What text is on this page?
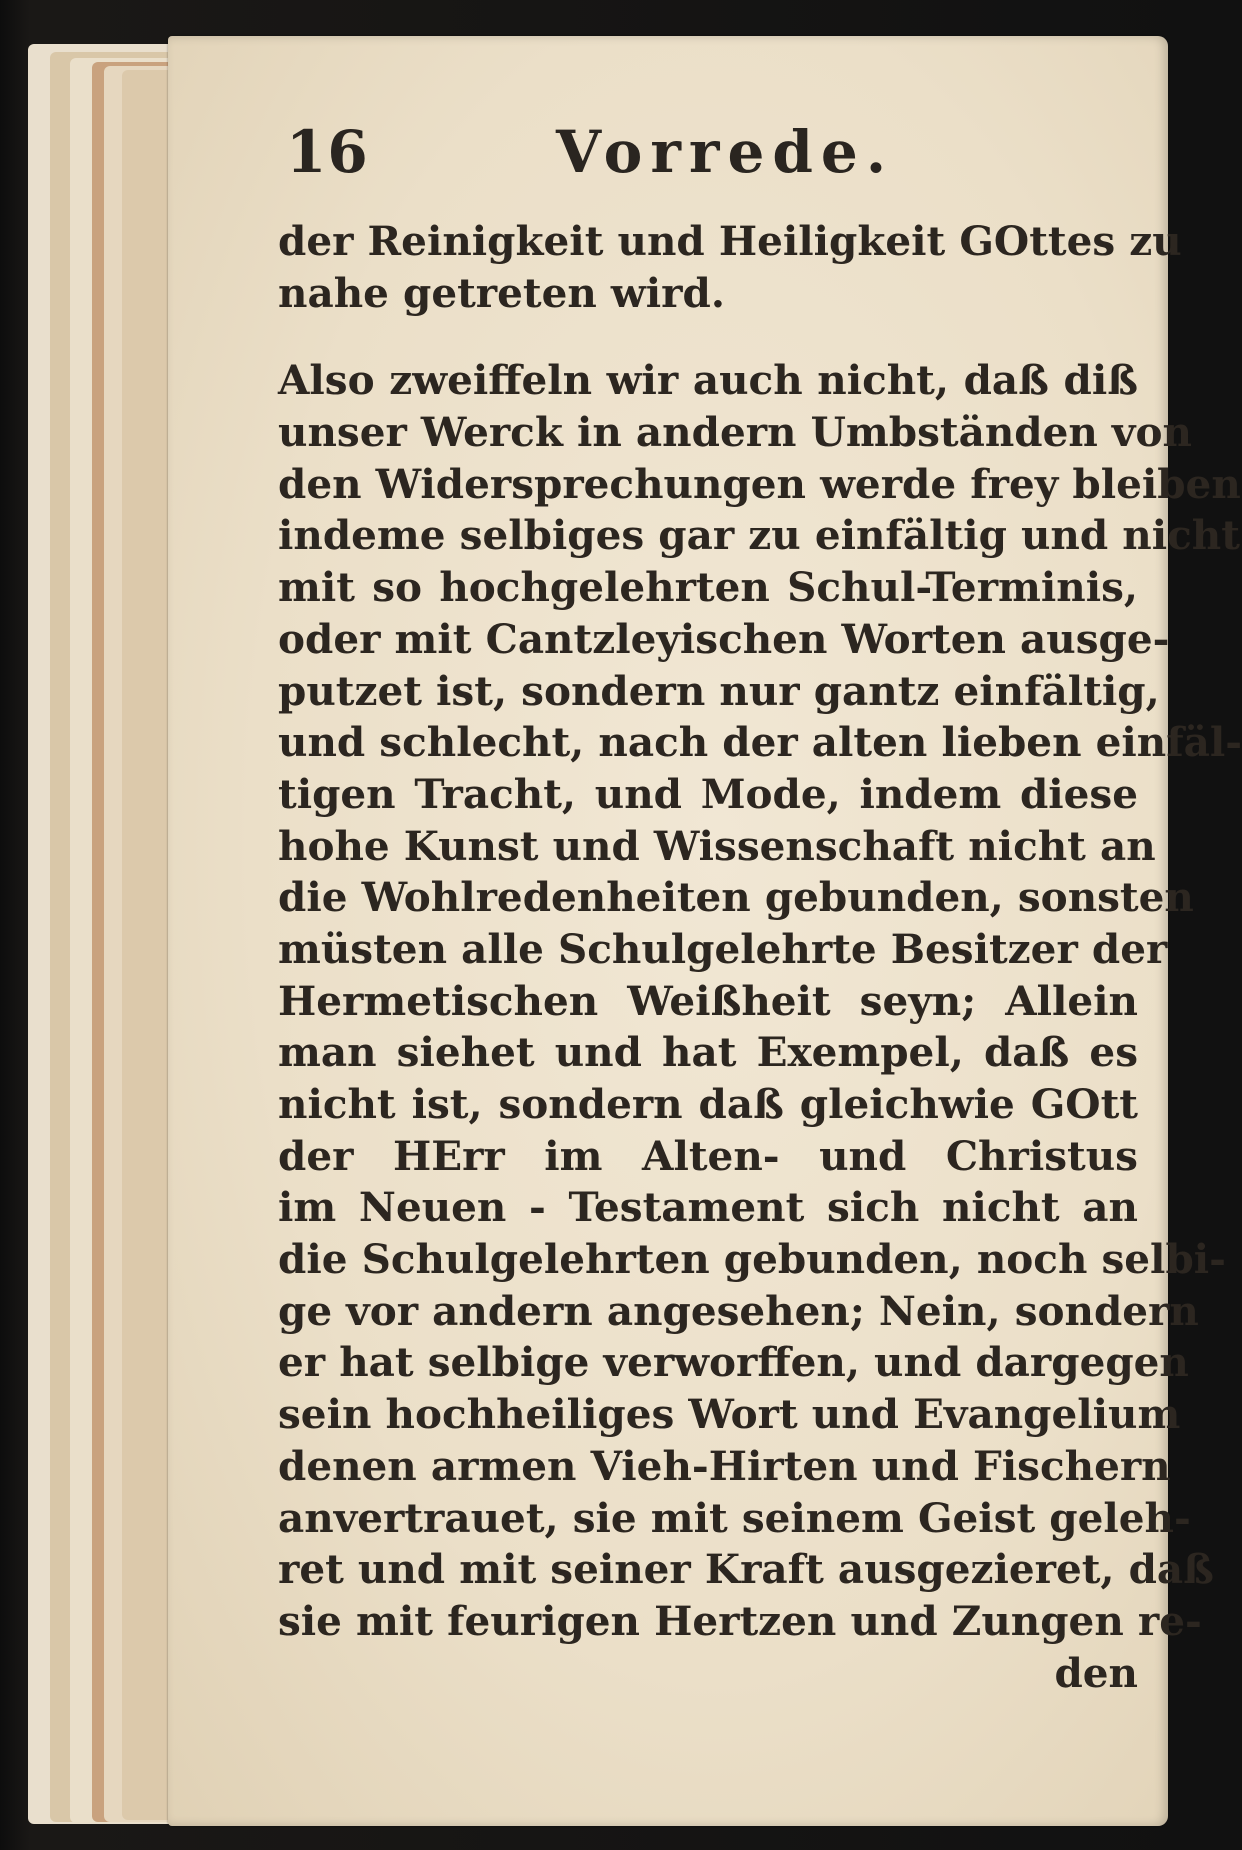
16	Vorrede.
der Reinigkeit und Heiligkeit GOttes zu
nahe getreten wird.
Also zweiffeln wir auch nicht, daß diß
unser Werck in andern Umbständen von
den Widersprechungen werde frey bleiben
indeme selbiges gar zu einfältig und nicht
mit so hochgelehrten Schul-Terminis,
oder mit Cantzleyischen Worten ausge-
putzet ist, sondern nur gantz einfältig,
und schlecht, nach der alten lieben einfäl-
tigen Tracht, und Mode, indem diese
hohe Kunst und Wissenschaft nicht an
die Wohlredenheiten gebunden, sonsten
müsten alle Schulgelehrte Besitzer der
Hermetischen Weißheit seyn; Allein
man siehet und hat Exempel, daß es
nicht ist, sondern daß gleichwie GOtt
der HErr im Alten- und Christus
im Neuen - Testament sich nicht an
die Schulgelehrten gebunden, noch selbi-
ge vor andern angesehen; Nein, sondern
er hat selbige verworffen, und dargegen
sein hochheiliges Wort und Evangelium
denen armen Vieh-Hirten und Fischern
anvertrauet, sie mit seinem Geist geleh-
ret und mit seiner Kraft ausgezieret, daß
sie mit feurigen Hertzen und Zungen re-
den
